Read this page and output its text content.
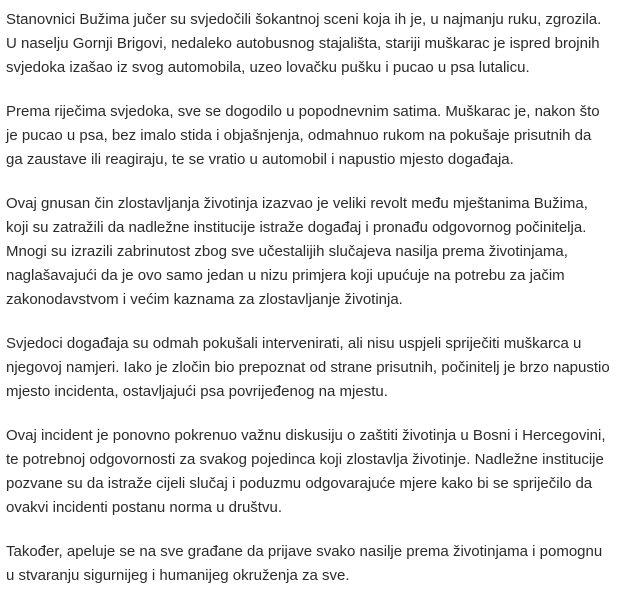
Stanovnici Bužima jučer su svjedočili šokantnoj sceni koja ih je, u najmanju ruku, zgrozila. U naselju Gornji Brigovi, nedaleko autobusnog stajališta, stariji muškarac je ispred brojnih svjedoka izašao iz svog automobila, uzeo lovačku pušku i pucao u psa lutalicu.

Prema riječima svjedoka, sve se dogodilo u popodnevnim satima. Muškarac je, nakon što je pucao u psa, bez imalo stida i objašnjenja, odmahnuo rukom na pokušaje prisutnih da ga zaustave ili reagiraju, te se vratio u automobil i napustio mjesto događaja.

Ovaj gnusan čin zlostavljanja životinja izazvao je veliki revolt među mještanima Bužima, koji su zatražili da nadležne institucije istraže događaj i pronađu odgovornog počinitelja. Mnogi su izrazili zabrinutost zbog sve učestalijih slučajeva nasilja prema životinjama, naglašavajući da je ovo samo jedan u nizu primjera koji upućuje na potrebu za jačim zakonodavstvom i većim kaznama za zlostavljanje životinja.

Svjedoci događaja su odmah pokušali intervenirati, ali nisu uspjeli spriječiti muškarca u njegovoj namjeri. Iako je zločin bio prepoznat od strane prisutnih, počinitelj je brzo napustio mjesto incidenta, ostavljajući psa povrijeđenog na mjestu.

Ovaj incident je ponovno pokrenuo važnu diskusiju o zaštiti životinja u Bosni i Hercegovini, te potrebnoj odgovornosti za svakog pojedinca koji zlostavlja životinje. Nadležne institucije pozvane su da istraže cijeli slučaj i poduzmu odgovarajuće mjere kako bi se spriječilo da ovakvi incidenti postanu norma u društvu.

Također, apeluje se na sve građane da prijave svako nasilje prema životinjama i pomognu u stvaranju sigurnijeg i humanijeg okruženja za sve.
